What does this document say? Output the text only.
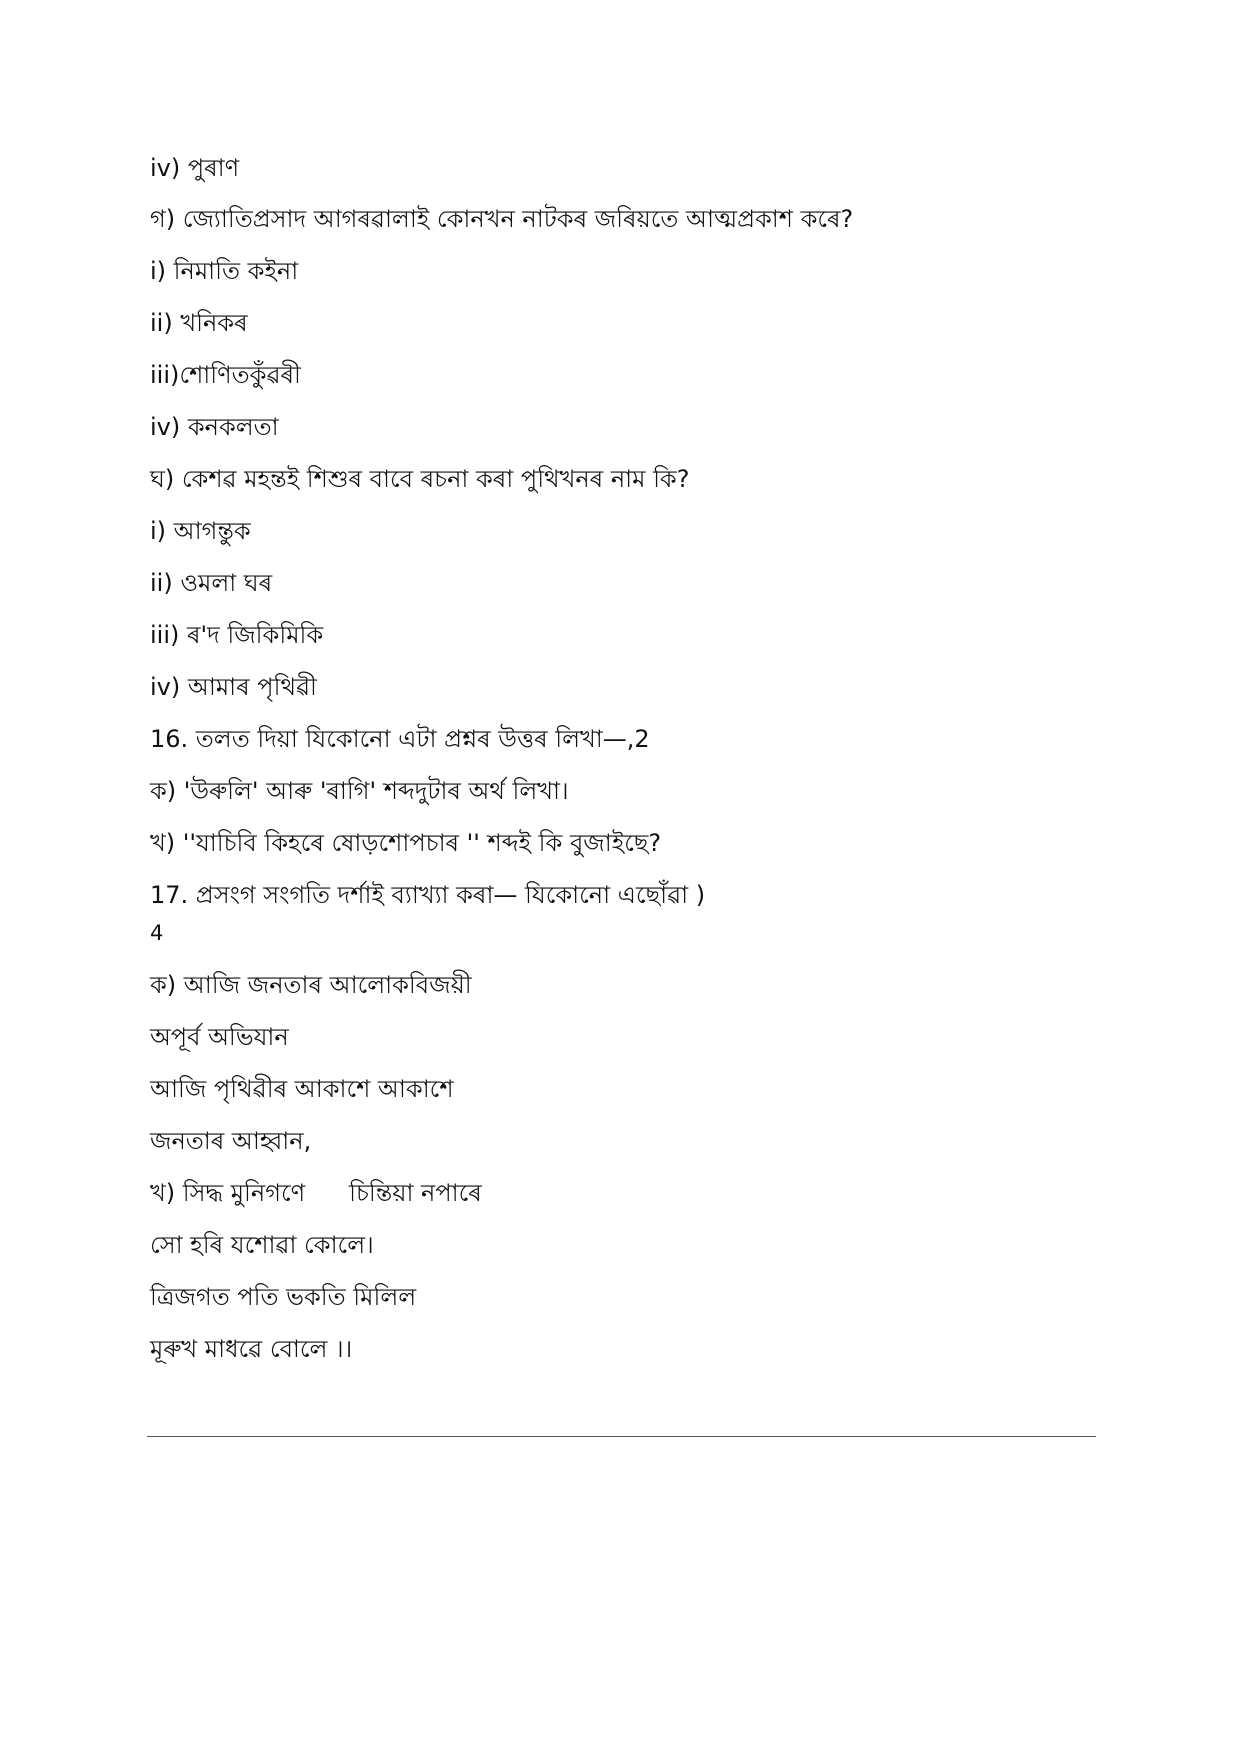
iv) পুৰাণ
গ) জ্যোতিপ্ৰসাদ আগৰৱালাই কোনখন নাটকৰ জৰিয়তে আত্মপ্ৰকাশ কৰে?
i) নিমাতি কইনা
ii) খনিকৰ
iii)শোণিতকুঁৱৰী
iv) কনকলতা
ঘ) কেশৱ মহন্তই শিশুৰ বাবে ৰচনা কৰা পুথিখনৰ নাম কি?
i) আগন্তুক
ii) ওমলা ঘৰ
iii) ৰ'দ জিকিমিকি
iv) আমাৰ পৃথিৱী
16. তলত দিয়া যিকোনো এটা প্ৰশ্নৰ উত্তৰ লিখা—,2
ক) 'উৰুলি' আৰু 'ৰাগি' শব্দদুটাৰ অৰ্থ লিখা।
খ) ''যাচিবি কিহৰে ষোড়শোপচাৰ '' শব্দই কি বুজাইছে?
17. প্ৰসংগ সংগতি দৰ্শাই ব্যাখ্যা কৰা— যিকোনো এছোঁৱা )
4
ক) আজি জনতাৰ আলোকবিজয়ী
অপূৰ্ব অভিযান
আজি পৃথিৱীৰ আকাশে আকাশে
জনতাৰ আহ্বান,
খ) সিদ্ধ মুনিগণে চিন্তিয়া নপাৰে
সো হৰি যশোৱা কোলে।
ত্ৰিজগত পতি ভকতি মিলিল
মূৰুখ মাধৱে বোলে ।।
